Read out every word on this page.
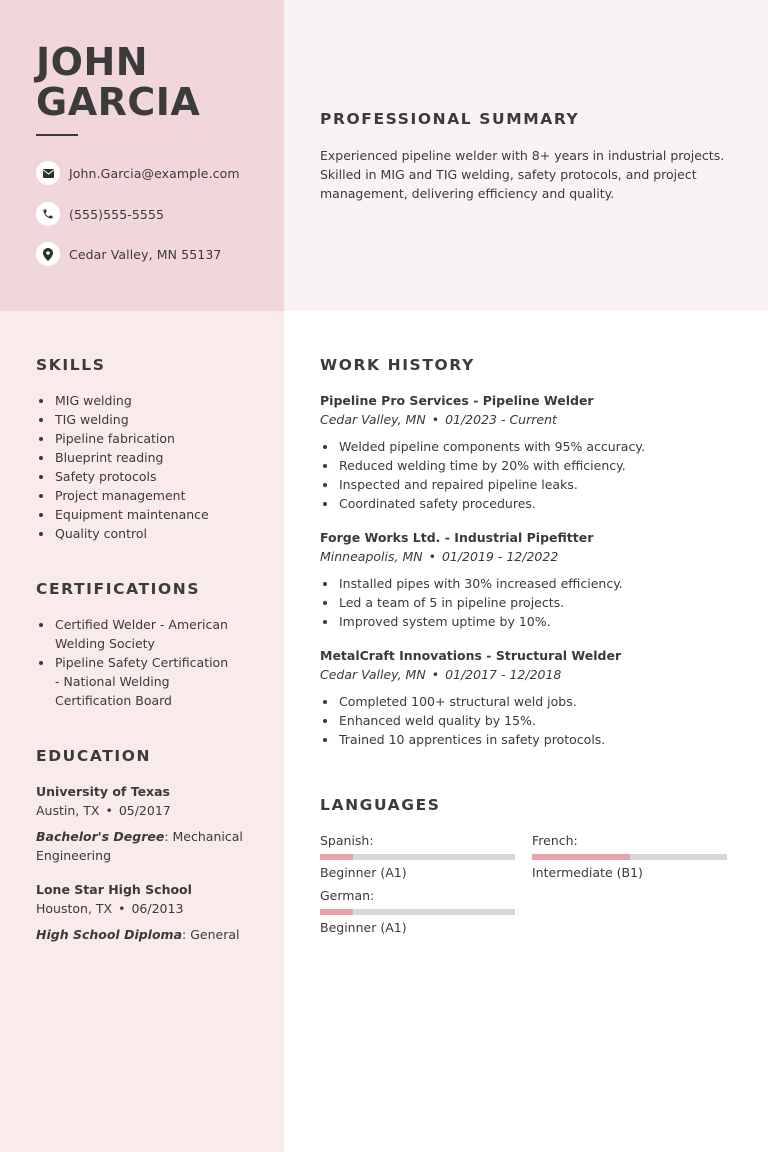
JOHN
GARCIA
John.Garcia@example.com
(555)555-5555
Cedar Valley, MN 55137
PROFESSIONAL SUMMARY
Experienced pipeline welder with 8+ years in industrial projects. Skilled in MIG and TIG welding, safety protocols, and project management, delivering efficiency and quality.
SKILLS
MIG welding
TIG welding
Pipeline fabrication
Blueprint reading
Safety protocols
Project management
Equipment maintenance
Quality control
CERTIFICATIONS
Certified Welder - American Welding Society
Pipeline Safety Certification - National Welding Certification Board
EDUCATION
University of Texas
Austin, TX • 05/2017
Bachelor's Degree: Mechanical Engineering
Lone Star High School
Houston, TX • 06/2013
High School Diploma: General
WORK HISTORY
Pipeline Pro Services - Pipeline Welder
Cedar Valley, MN • 01/2023 - Current
Welded pipeline components with 95% accuracy.
Reduced welding time by 20% with efficiency.
Inspected and repaired pipeline leaks.
Coordinated safety procedures.
Forge Works Ltd. - Industrial Pipefitter
Minneapolis, MN • 01/2019 - 12/2022
Installed pipes with 30% increased efficiency.
Led a team of 5 in pipeline projects.
Improved system uptime by 10%.
MetalCraft Innovations - Structural Welder
Cedar Valley, MN • 01/2017 - 12/2018
Completed 100+ structural weld jobs.
Enhanced weld quality by 15%.
Trained 10 apprentices in safety protocols.
LANGUAGES
Spanish:
Beginner (A1)
French:
Intermediate (B1)
German:
Beginner (A1)
